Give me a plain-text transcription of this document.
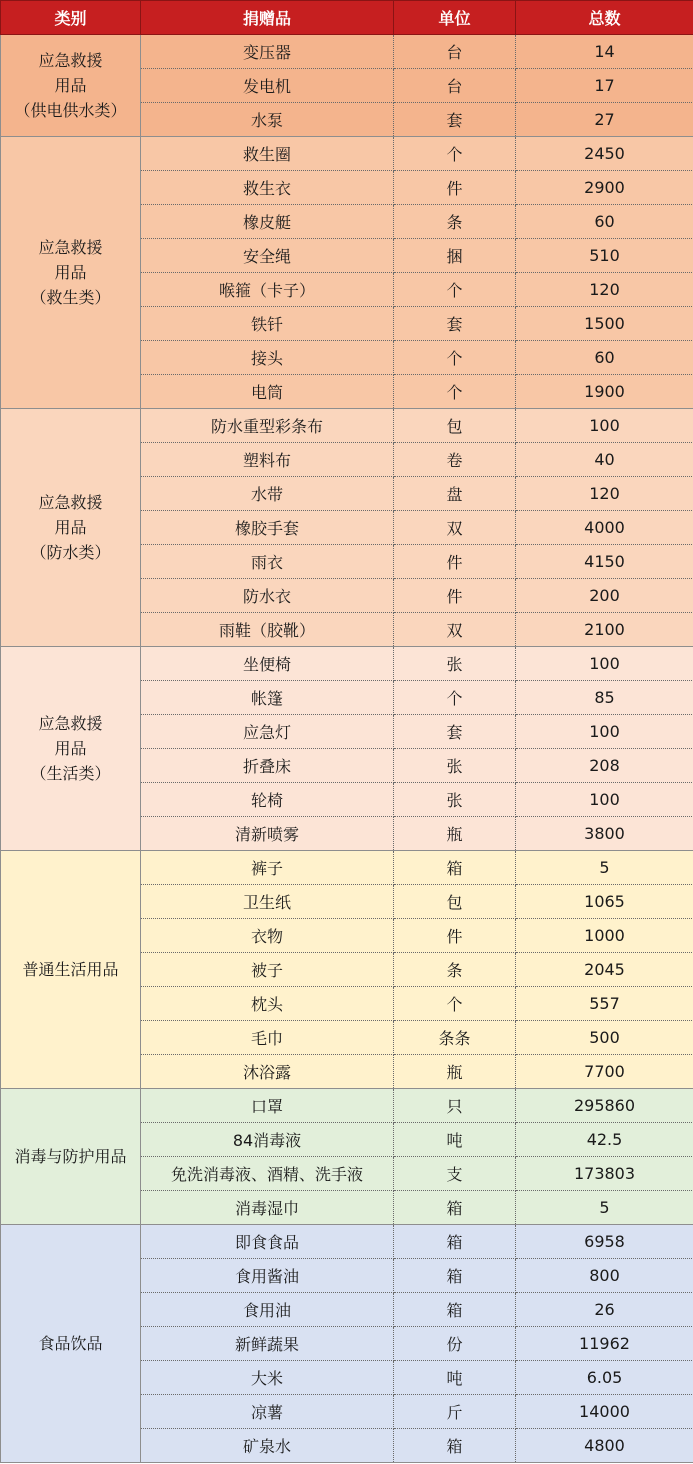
类别	捐赠品	单位	总数

应急救援
用品
（供电供水类）	变压器	台	14
	发电机	台	17
	水泵	套	27

应急救援
用品
（救生类）	救生圈	个	2450
	救生衣	件	2900
	橡皮艇	条	60
	安全绳	捆	510
	喉箍（卡子）	个	120
	铁钎	套	1500
	接头	个	60
	电筒	个	1900

应急救援
用品
（防水类）	防水重型彩条布	包	100
	塑料布	卷	40
	水带	盘	120
	橡胶手套	双	4000
	雨衣	件	4150
	防水衣	件	200
	雨鞋（胶靴）	双	2100

应急救援
用品
（生活类）	坐便椅	张	100
	帐篷	个	85
	应急灯	套	100
	折叠床	张	208
	轮椅	张	100
	清新喷雾	瓶	3800

普通生活用品	裤子	箱	5
	卫生纸	包	1065
	衣物	件	1000
	被子	条	2045
	枕头	个	557
	毛巾	条条	500
	沐浴露	瓶	7700

消毒与防护用品	口罩	只	295860
	84消毒液	吨	42.5
	免洗消毒液、酒精、洗手液	支	173803
	消毒湿巾	箱	5

食品饮品	即食食品	箱	6958
	食用酱油	箱	800
	食用油	箱	26
	新鲜蔬果	份	11962
	大米	吨	6.05
	凉薯	斤	14000
	矿泉水	箱	4800
